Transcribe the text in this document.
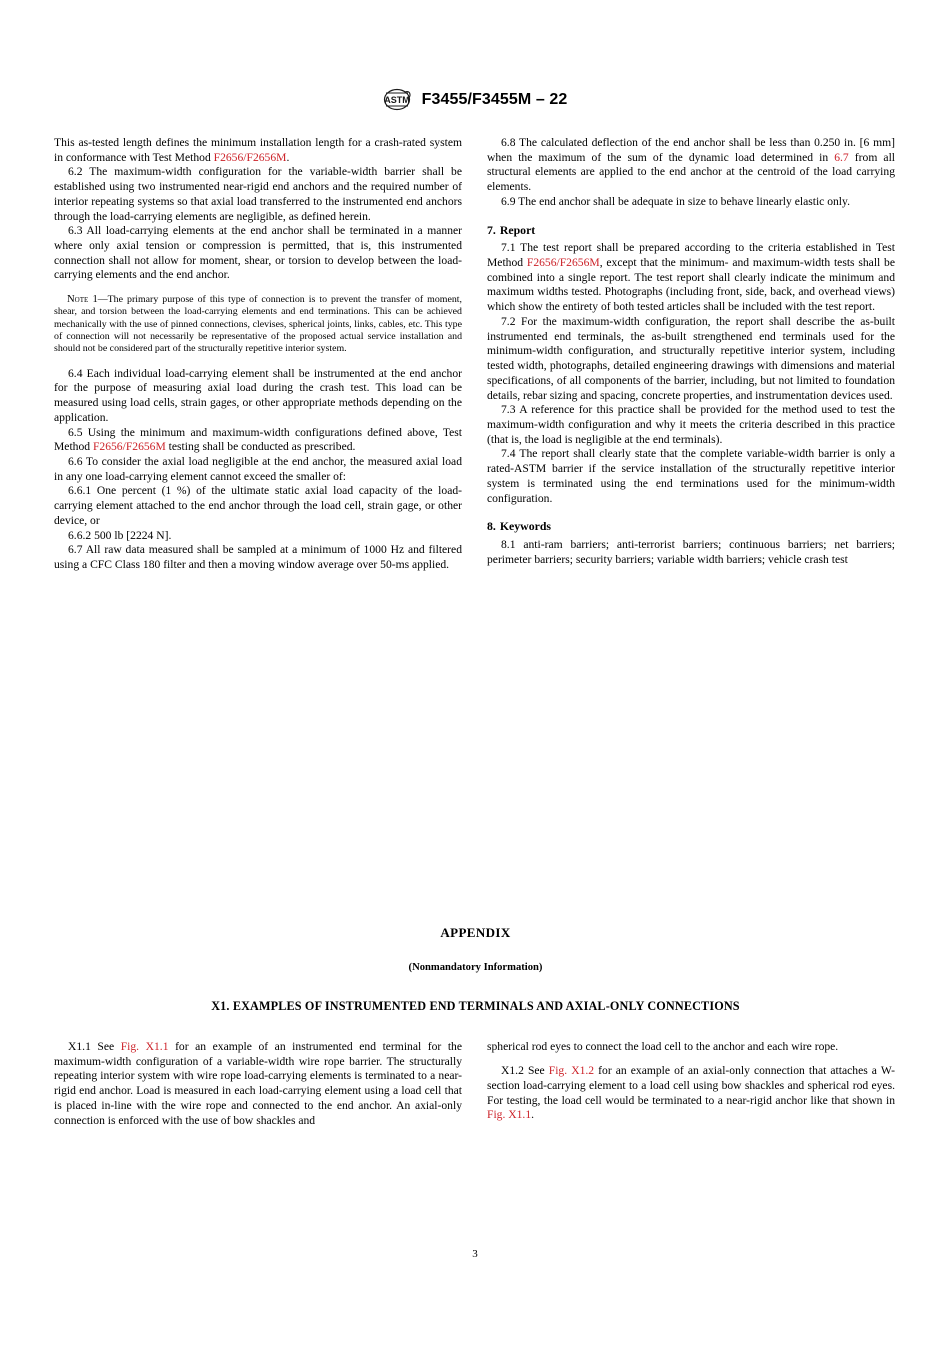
ASTM F3455/F3455M – 22
This as-tested length defines the minimum installation length for a crash-rated system in conformance with Test Method F2656/F2656M.
6.2 The maximum-width configuration for the variable-width barrier shall be established using two instrumented near-rigid end anchors and the required number of interior repeating systems so that axial load transferred to the instrumented end anchors through the load-carrying elements are negligible, as defined herein.
6.3 All load-carrying elements at the end anchor shall be terminated in a manner where only axial tension or compression is permitted, that is, this instrumented connection shall not allow for moment, shear, or torsion to develop between the load-carrying elements and the end anchor.
Note 1—The primary purpose of this type of connection is to prevent the transfer of moment, shear, and torsion between the load-carrying elements and end terminations. This can be achieved mechanically with the use of pinned connections, clevises, spherical joints, links, cables, etc. This type of connection will not necessarily be representative of the proposed actual service installation and should not be considered part of the structurally repetitive interior system.
6.4 Each individual load-carrying element shall be instrumented at the end anchor for the purpose of measuring axial load during the crash test. This load can be measured using load cells, strain gages, or other appropriate methods depending on the application.
6.5 Using the minimum and maximum-width configurations defined above, Test Method F2656/F2656M testing shall be conducted as prescribed.
6.6 To consider the axial load negligible at the end anchor, the measured axial load in any one load-carrying element cannot exceed the smaller of:
6.6.1 One percent (1 %) of the ultimate static axial load capacity of the load-carrying element attached to the end anchor through the load cell, strain gage, or other device, or
6.6.2 500 lb [2224 N].
6.7 All raw data measured shall be sampled at a minimum of 1000 Hz and filtered using a CFC Class 180 filter and then a moving window average over 50-ms applied.
6.8 The calculated deflection of the end anchor shall be less than 0.250 in. [6 mm] when the maximum of the sum of the dynamic load determined in 6.7 from all structural elements are applied to the end anchor at the centroid of the load carrying elements.
6.9 The end anchor shall be adequate in size to behave linearly elastic only.
7. Report
7.1 The test report shall be prepared according to the criteria established in Test Method F2656/F2656M, except that the minimum- and maximum-width tests shall be combined into a single report. The test report shall clearly indicate the minimum and maximum widths tested. Photographs (including front, side, back, and overhead views) which show the entirety of both tested articles shall be included with the test report.
7.2 For the maximum-width configuration, the report shall describe the as-built instrumented end terminals, the as-built strengthened end terminals used for the minimum-width configuration, and structurally repetitive interior system, including tested width, photographs, detailed engineering drawings with dimensions and material specifications, of all components of the barrier, including, but not limited to foundation details, rebar sizing and spacing, concrete properties, and instrumentation devices used.
7.3 A reference for this practice shall be provided for the method used to test the maximum-width configuration and why it meets the criteria described in this practice (that is, the load is negligible at the end terminals).
7.4 The report shall clearly state that the complete variable-width barrier is only a rated-ASTM barrier if the service installation of the structurally repetitive interior system is terminated using the end terminations used for the minimum-width configuration.
8. Keywords
8.1 anti-ram barriers; anti-terrorist barriers; continuous barriers; net barriers; perimeter barriers; security barriers; variable width barriers; vehicle crash test
APPENDIX
(Nonmandatory Information)
X1. EXAMPLES OF INSTRUMENTED END TERMINALS AND AXIAL-ONLY CONNECTIONS
X1.1 See Fig. X1.1 for an example of an instrumented end terminal for the maximum-width configuration of a variable-width wire rope barrier. The structurally repeating interior system with wire rope load-carrying elements is terminated to a near-rigid end anchor. Load is measured in each load-carrying element using a load cell that is placed in-line with the wire rope and connected to the end anchor. An axial-only connection is enforced with the use of bow shackles and
spherical rod eyes to connect the load cell to the anchor and each wire rope.
X1.2 See Fig. X1.2 for an example of an axial-only connection that attaches a W-section load-carrying element to a load cell using bow shackles and spherical rod eyes. For testing, the load cell would be terminated to a near-rigid anchor like that shown in Fig. X1.1.
3
